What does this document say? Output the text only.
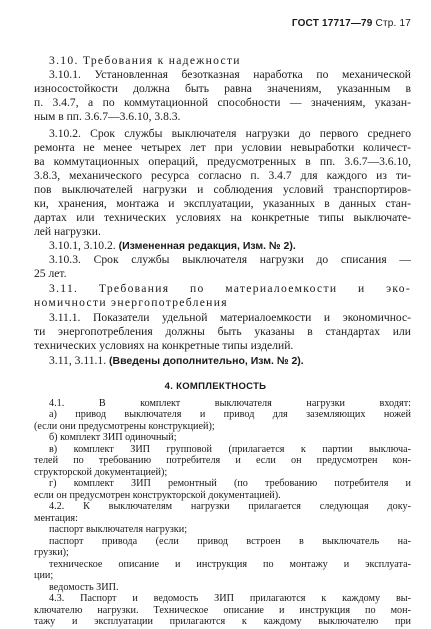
ГОСТ 17717—79 Стр. 17
3.10. Требования к надежности
3.10.1. Установленная безотказная наработка по механической
износостойкости должна быть равна значениям, указанным в
п. 3.4.7, а по коммутационной способности — значениям, указан-
ным в пп. 3.6.7—3.6.10, 3.8.3.
3.10.2. Срок службы выключателя нагрузки до первого среднего
ремонта не менее четырех лет при условии невыработки количест-
ва коммутационных операций, предусмотренных в пп. 3.6.7—3.6.10,
3.8.3, механического ресурса согласно п. 3.4.7 для каждого из ти-
пов выключателей нагрузки и соблюдения условий транспортиров-
ки, хранения, монтажа и эксплуатации, указанных в данных стан-
дартах или технических условиях на конкретные типы выключате-
лей нагрузки.
3.10.1, 3.10.2. (Измененная редакция, Изм. № 2).
3.10.3. Срок службы выключателя нагрузки до списания —
25 лет.
3.11. Требования по материалоемкости и эко-
номичности энергопотребления
3.11.1. Показатели удельной материалоемкости и экономичнос-
ти энергопотребления должны быть указаны в стандартах или
технических условиях на конкретные типы изделий.
3.11, 3.11.1. (Введены дополнительно, Изм. № 2).
4. КОМПЛЕКТНОСТЬ
4.1. В комплект выключателя нагрузки входят:
а) привод выключателя и привод для заземляющих ножей
(если они предусмотрены конструкцией);
б) комплект ЗИП одиночный;
в) комплект ЗИП групповой (прилагается к партии выключа-
телей по требованию потребителя и если он предусмотрен кон-
структорской документацией);
г) комплект ЗИП ремонтный (по требованию потребителя и
если он предусмотрен конструкторской документацией).
4.2. К выключателям нагрузки прилагается следующая доку-
ментация:
паспорт выключателя нагрузки;
паспорт привода (если привод встроен в выключатель на-
грузки);
техническое описание и инструкция по монтажу и эксплуата-
ции;
ведомость ЗИП.
4.3. Паспорт и ведомость ЗИП прилагаются к каждому вы-
ключателю нагрузки. Техническое описание и инструкция по мон-
тажу и эксплуатации прилагаются к каждому выключателю при
